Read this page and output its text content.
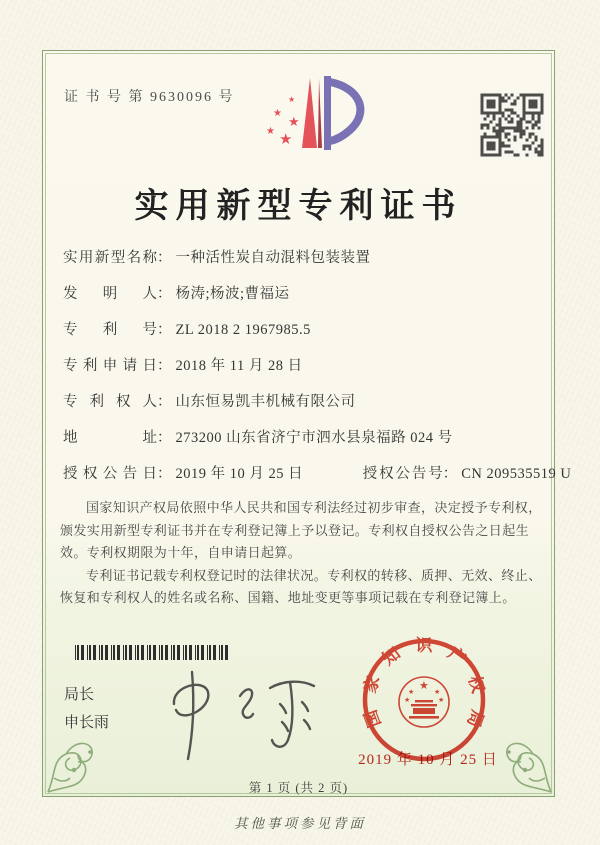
证 书 号 第 9630096 号	★
★
★
★
★
实用新型专利证书
实用新型名称： 一种活性炭自动混料包装装置
发明人： 杨涛;杨波;曹福运
专利号： ZL 2018 2 1967985.5
专利申请日： 2018 年 11 月 28 日
专利权人： 山东恒易凯丰机械有限公司
地址： 273200 山东省济宁市泗水县泉福路 024 号
授权公告日： 2019 年 10 月 25 日	授权公告号： CN 209535519 U

国家知识产权局依照中华人民共和国专利法经过初步审查，决定授予专利权，颁发实用新型专利证书并在专利登记簿上予以登记。专利权自授权公告之日起生效。专利权期限为十年，自申请日起算。

专利证书记载专利权登记时的法律状况。专利权的转移、质押、无效、终止、恢复和专利权人的姓名或名称、国籍、地址变更等事项记载在专利登记簿上。

局长
申长雨	国家知识产权局
★
★	★
★	★
2019 年 10 月 25 日
第 1 页 (共 2 页)
其他事项参见背面
